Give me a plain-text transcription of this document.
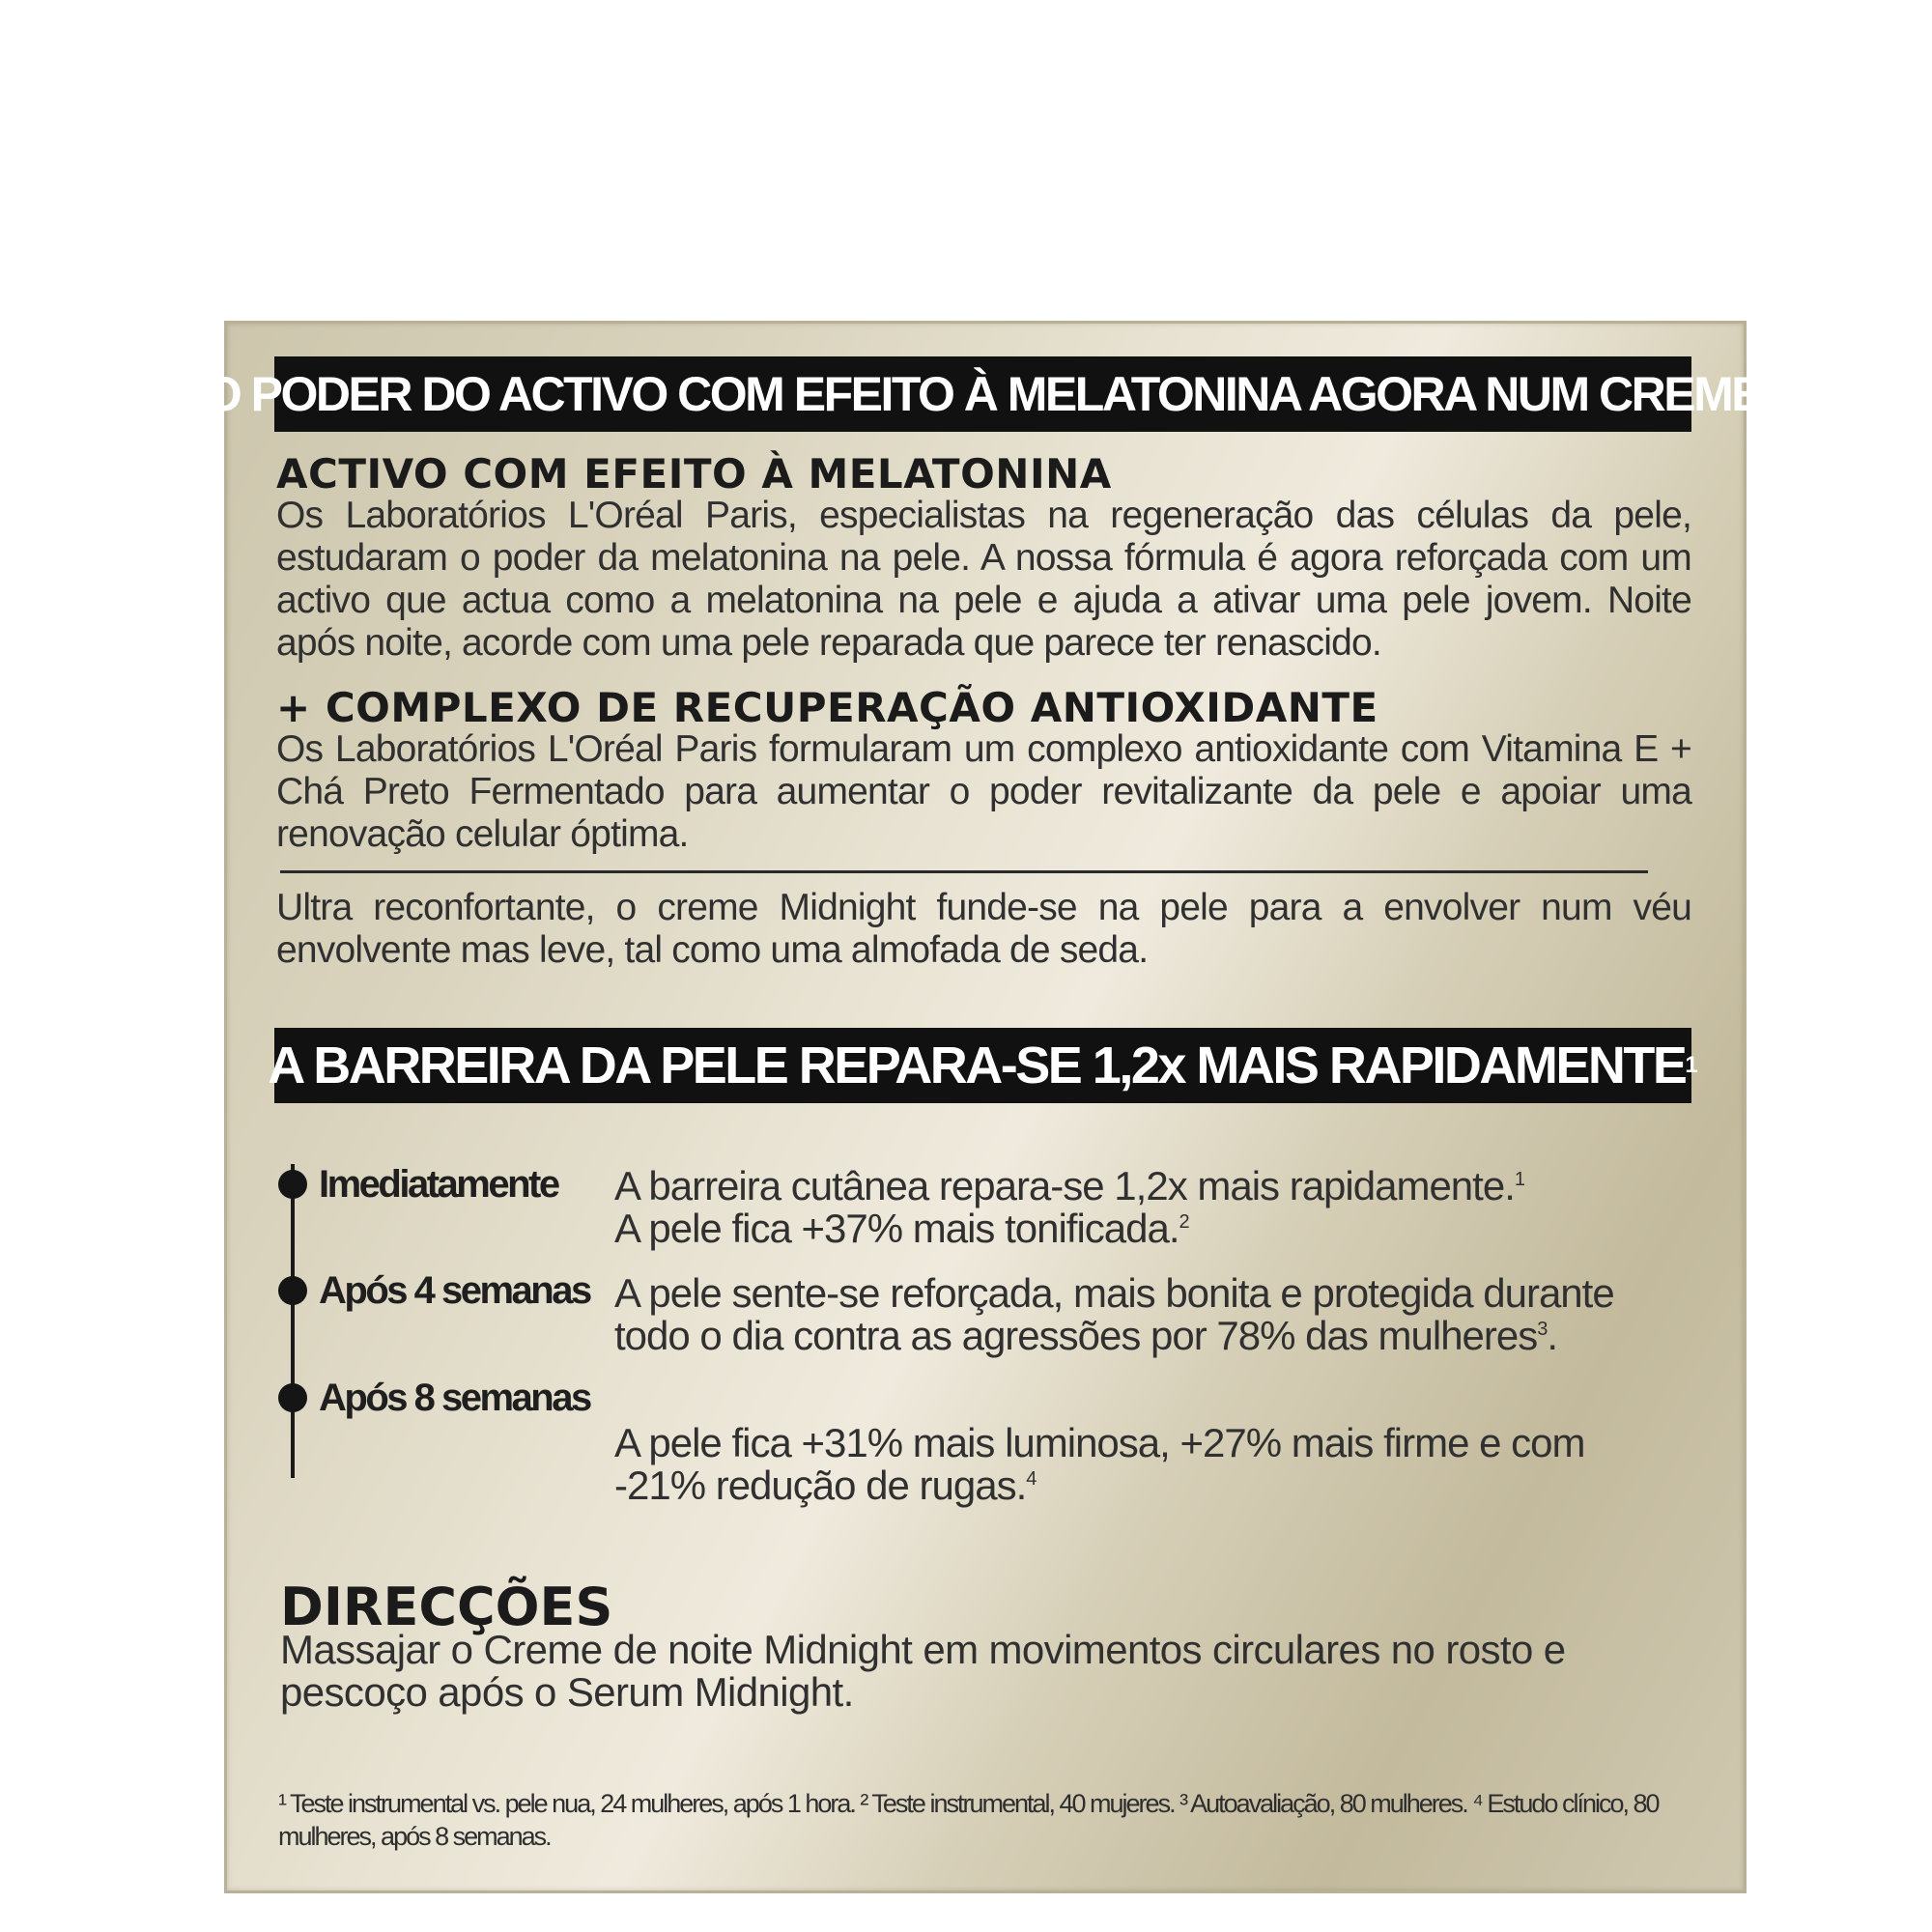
O PODER DO ACTIVO COM EFEITO À MELATONINA AGORA NUM CREME
ACTIVO COM EFEITO À MELATONINA
Os Laboratórios L'Oréal Paris, especialistas na regeneração das células da pele, estudaram o poder da melatonina na pele. A nossa fórmula é agora reforçada com um activo que actua como a melatonina na pele e ajuda a ativar uma pele jovem. Noite após noite, acorde com uma pele reparada que parece ter renascido.
+ COMPLEXO DE RECUPERAÇÃO ANTIOXIDANTE
Os Laboratórios L'Oréal Paris formularam um complexo antioxidante com Vitamina E + Chá Preto Fermentado para aumentar o poder revitalizante da pele e apoiar uma renovação celular óptima.
Ultra reconfortante, o creme Midnight funde-se na pele para a envolver num véu envolvente mas leve, tal como uma almofada de seda.
A BARREIRA DA PELE REPARA-SE 1,2x MAIS RAPIDAMENTE 1
Imediatamente
Após 4 semanas
Após 8 semanas
A barreira cutânea repara-se 1,2x mais rapidamente.$^1$
A pele fica +37% mais tonificada.$^2$
A pele sente-se reforçada, mais bonita e protegida durante todo o dia contra as agressões por 78% das mulheres$^3$.
A pele fica +31% mais luminosa, +27% mais firme e com -21% redução de rugas.$^4$
DIRECÇÕES
Massajar o Creme de noite Midnight em movimentos circulares no rosto e pescoço após o Serum Midnight.
¹ Teste instrumental vs. pele nua, 24 mulheres, após 1 hora. ² Teste instrumental, 40 mujeres. ³ Autoavaliação, 80 mulheres. ⁴ Estudo clínico, 80 mulheres, após 8 semanas.
